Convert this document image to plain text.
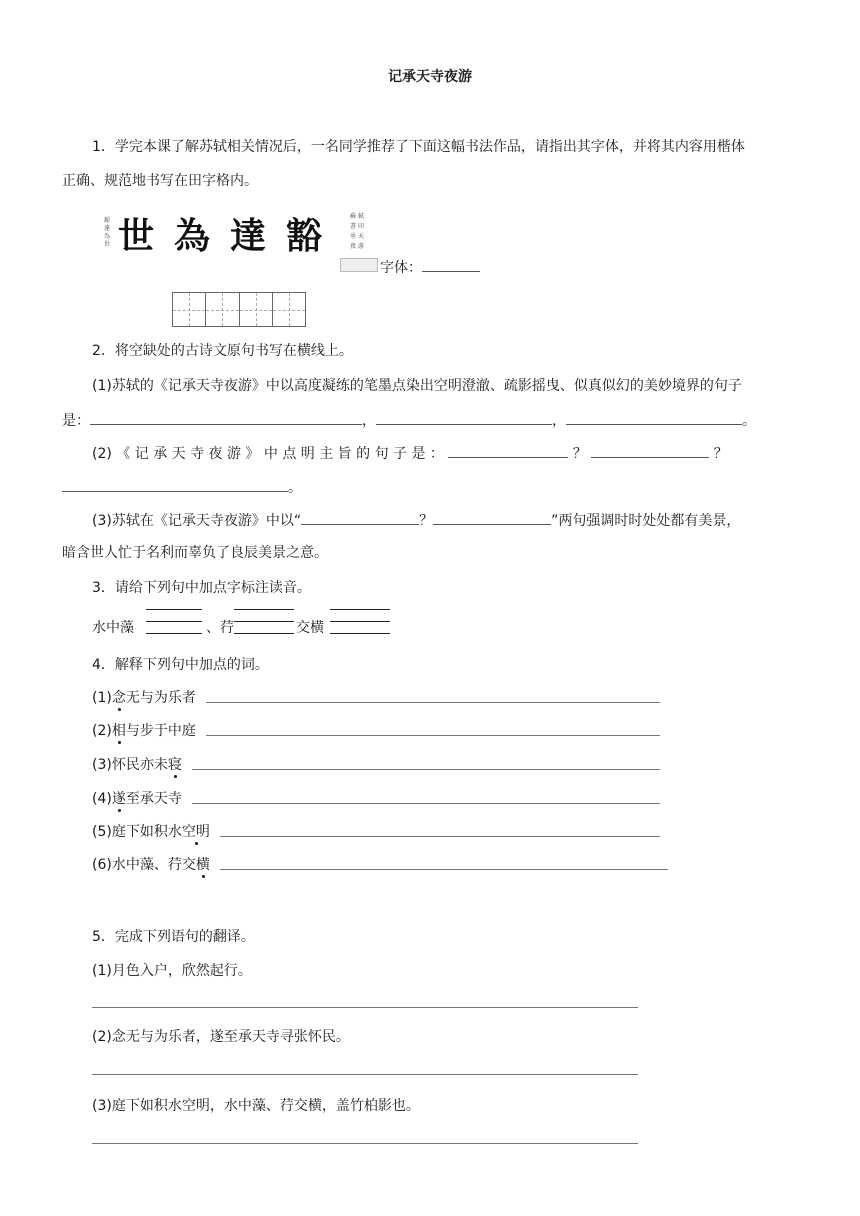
记承天寺夜游
1．学完本课了解苏轼相关情况后，一名同学推荐了下面这幅书法作品，请指出其字体，并将其内容用楷体
正确、规范地书写在田字格内。
豁
達
為
世
蘇 軾
書 印
承 天
夜 游
世 為 達 豁
字体：
2．将空缺处的古诗文原句书写在横线上。
(1)苏轼的《记承天寺夜游》中以高度凝练的笔墨点染出空明澄澈、疏影摇曳、似真似幻的美妙境界的句子
是：	，	，	。
(2) 《 记 承 天 寺 夜 游 》 中 点 明 主 旨 的 句 子 是 ：	？	？
。
(3)苏轼在《记承天寺夜游》中以“	？	”两句强调时时处处都有美景，
暗含世人忙于名利而辜负了良辰美景之意。
3．请给下列句中加点字标注读音。
水中藻	、荇	交横
4．解释下列句中加点的词。
(1)念无与为乐者
(2)相与步于中庭
(3)怀民亦未寝
(4)遂至承天寺
(5)庭下如积水空明
(6)水中藻、荇交横
5．完成下列语句的翻译。
(1)月色入户，欣然起行。
(2)念无与为乐者，遂至承天寺寻张怀民。
(3)庭下如积水空明，水中藻、荇交横，盖竹柏影也。
